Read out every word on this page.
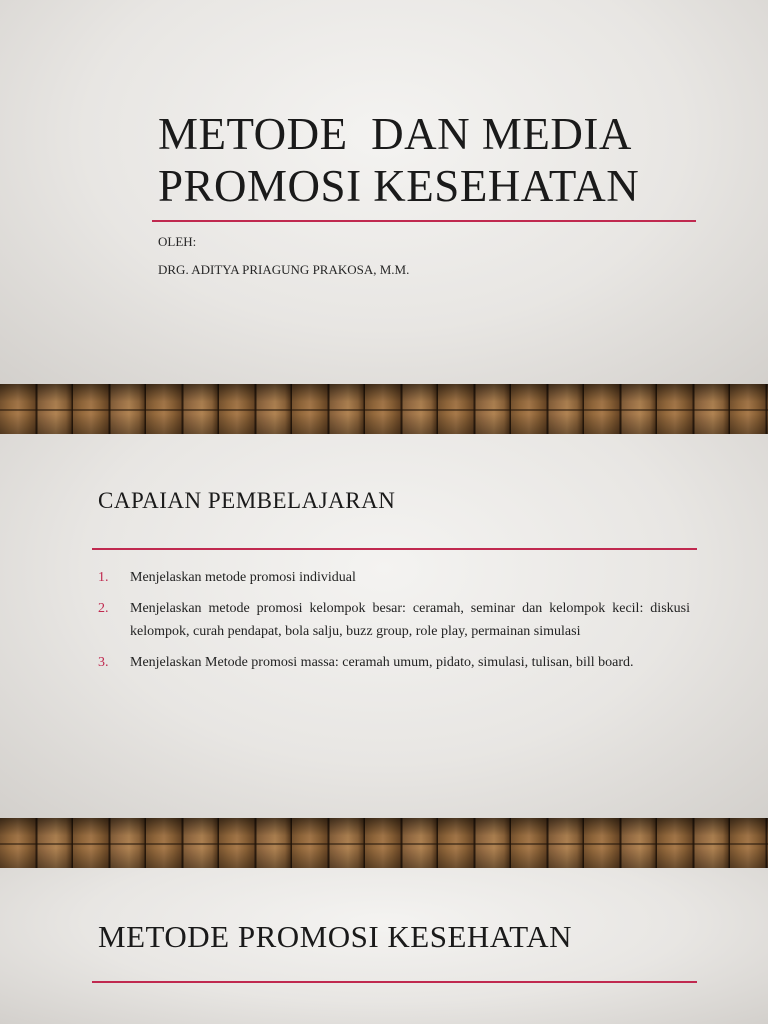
METODE  DAN MEDIA
PROMOSI KESEHATAN

OLEH:

DRG. ADITYA PRIAGUNG PRAKOSA, M.M.

CAPAIAN PEMBELAJARAN
1. Menjelaskan metode promosi individual
2. Menjelaskan metode promosi kelompok besar: ceramah, seminar dan kelompok kecil: diskusi kelompok, curah pendapat, bola salju, buzz group, role play, permainan simulasi
3. Menjelaskan Metode promosi massa: ceramah umum, pidato, simulasi, tulisan, bill board.
METODE PROMOSI KESEHATAN
